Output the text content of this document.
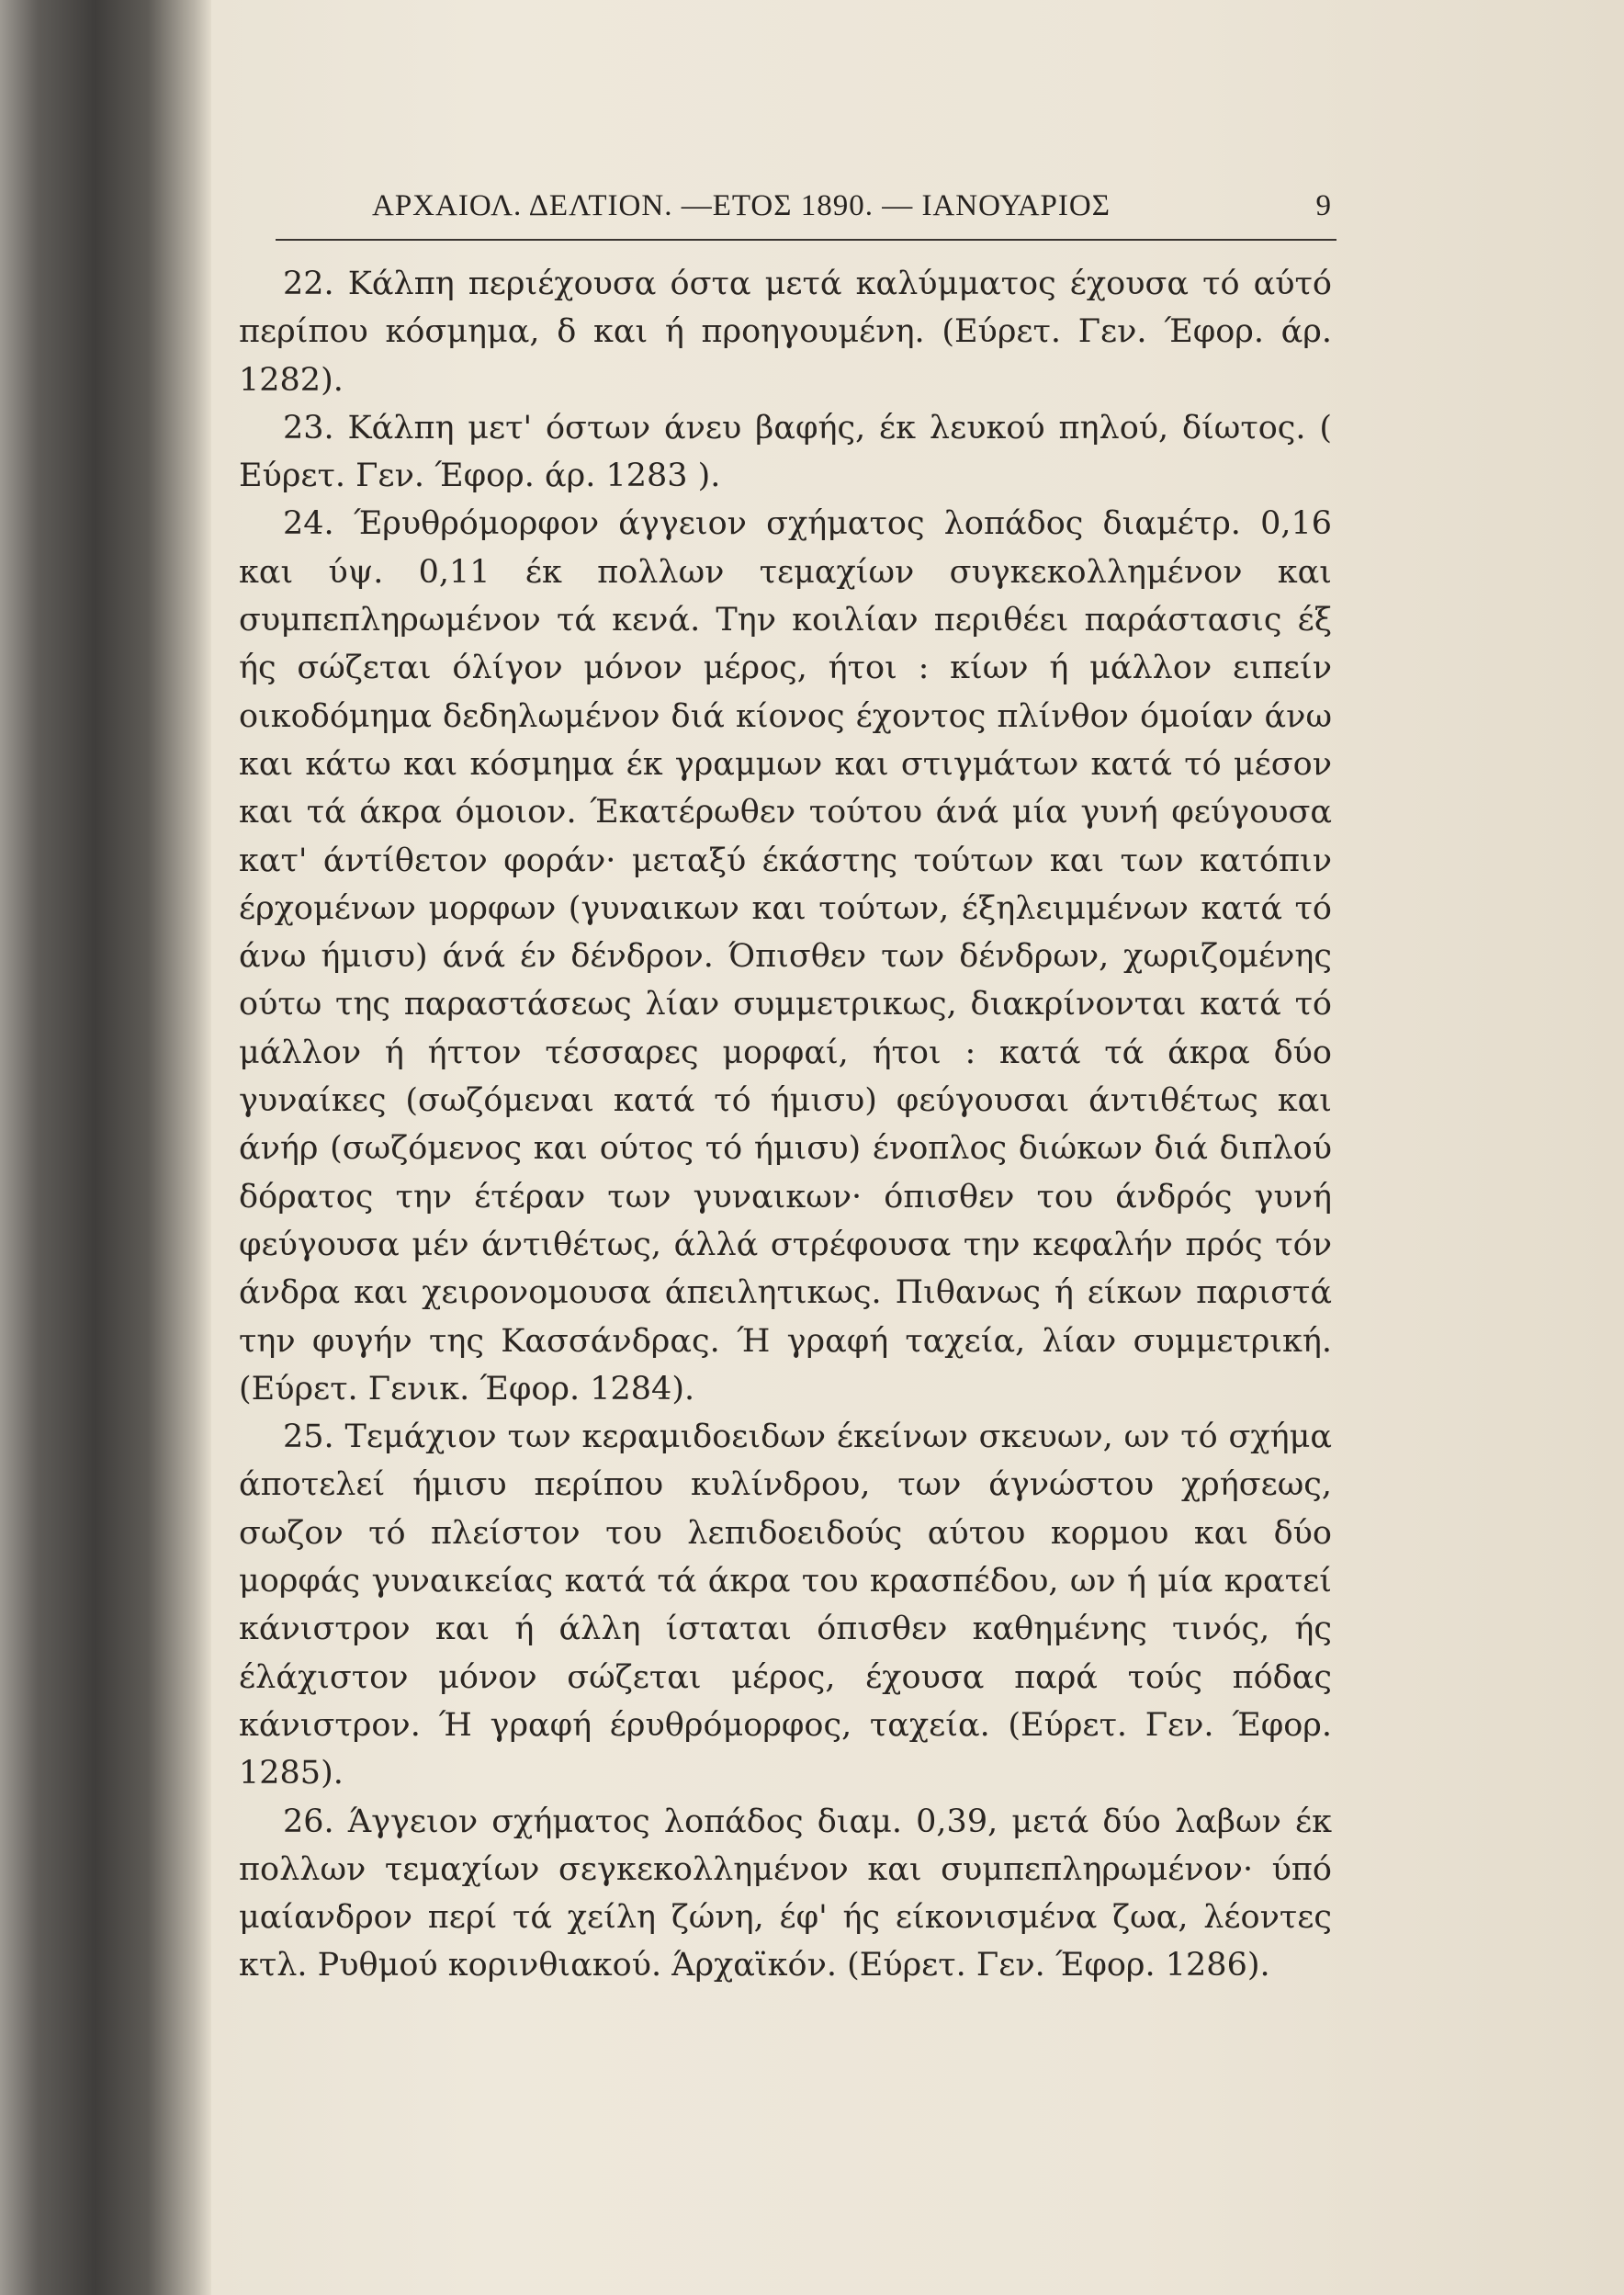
ΑΡΧΑΙΟΛ. ΔΕΛΤΙΟΝ. —ΕΤΟΣ 1890. — ΙΑΝΟΥΑΡΙΟΣ	9

22. Κάλπη περιέχουσα όστα μετά καλύμματος έχουσα τό αύτό περίπου κόσμημα, δ και ή προηγουμένη. (Εύρετ. Γεν. Έφορ. άρ. 1282).

23. Κάλπη μετ' όστων άνευ βαφής, έκ λευκού πηλού, δίωτος. ( Εύρετ. Γεν. Έφορ. άρ. 1283 ).

24. Έρυθρόμορφον άγγειον σχήματος λοπάδος διαμέτρ. 0,16 και ύψ. 0,11 έκ πολλων τεμαχίων συγκεκολλημένον και συμπεπληρωμένον τά κενά. Την κοιλίαν περιθέει παράστασις έξ ής σώζεται όλίγον μόνον μέρος, ήτοι : κίων ή μάλλον ειπείν οικοδόμημα δεδηλωμένον διά κίονος έχοντος πλίνθον όμοίαν άνω και κάτω και κόσμημα έκ γραμμων και στιγμάτων κατά τό μέσον και τά άκρα όμοιον. Έκατέρωθεν τούτου άνά μία γυνή φεύγουσα κατ' άντίθετον φοράν· μεταξύ έκάστης τούτων και των κατόπιν έρχομένων μορφων (γυναικων και τούτων, έξηλειμμένων κατά τό άνω ήμισυ) άνά έν δένδρον. Όπισθεν των δένδρων, χωριζομένης ούτω της παραστάσεως λίαν συμμετρικως, διακρίνονται κατά τό μάλλον ή ήττον τέσσαρες μορφαί, ήτοι : κατά τά άκρα δύο γυναίκες (σωζόμεναι κατά τό ήμισυ) φεύγουσαι άντιθέτως και άνήρ (σωζόμενος και ούτος τό ήμισυ) ένοπλος διώκων διά διπλού δόρατος την έτέραν των γυναικων· όπισθεν του άνδρός γυνή φεύγουσα μέν άντιθέτως, άλλά στρέφουσα την κεφαλήν πρός τόν άνδρα και χειρονομουσα άπειλητικως. Πιθανως ή είκων παριστά την φυγήν της Κασσάνδρας. Ή γραφή ταχεία, λίαν συμμετρική. (Εύρετ. Γενικ. Έφορ. 1284).

25. Τεμάχιον των κεραμιδοειδων έκείνων σκευων, ων τό σχήμα άποτελεί ήμισυ περίπου κυλίνδρου, των άγνώστου χρήσεως, σωζον τό πλείστον του λεπιδοειδούς αύτου κορμου και δύο μορφάς γυναικείας κατά τά άκρα του κρασπέδου, ων ή μία κρατεί κάνιστρον και ή άλλη ίσταται όπισθεν καθημένης τινός, ής έλάχιστον μόνον σώζεται μέρος, έχουσα παρά τούς πόδας κάνιστρον. Ή γραφή έρυθρόμορφος, ταχεία. (Εύρετ. Γεν. Έφορ. 1285).

26. Άγγειον σχήματος λοπάδος διαμ. 0,39, μετά δύο λαβων έκ πολλων τεμαχίων σεγκεκολλημένον και συμπεπληρωμένον· ύπό μαίανδρον περί τά χείλη ζώνη, έφ' ής είκονισμένα ζωα, λέοντες κτλ. Ρυθμού κορινθιακού. Άρχαϊκόν. (Εύρετ. Γεν. Έφορ. 1286).
